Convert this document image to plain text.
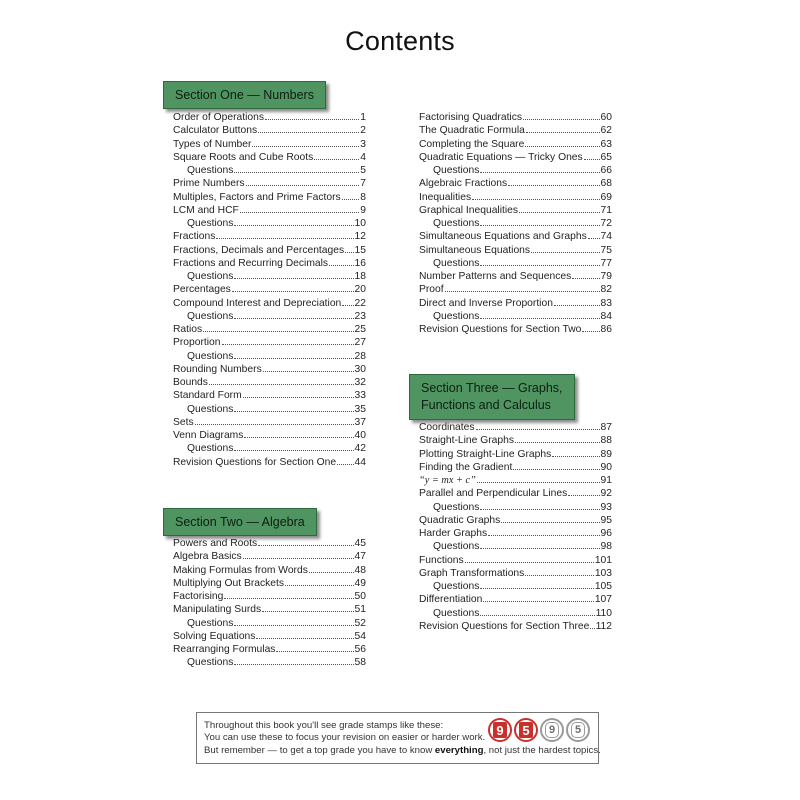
Contents
Section One — Numbers
Order of Operations	1
Calculator Buttons	2
Types of Number	3
Square Roots and Cube Roots	4
Questions	5
Prime Numbers	7
Multiples, Factors and Prime Factors 8
LCM and HCF	9
Questions	10
Fractions	12
Fractions, Decimals and Percentages 15
Fractions and Recurring Decimals	16
Questions	18
Percentages	20
Compound Interest and Depreciation 22
Questions	23
Ratios	25
Proportion	27
Questions	28
Rounding Numbers	30
Bounds	32
Standard Form	33
Questions	35
Sets	37
Venn Diagrams	40
Questions	42
Revision Questions for Section One 44
Section Two — Algebra
Powers and Roots	45
Algebra Basics	47
Making Formulas from Words	48
Multiplying Out Brackets	49
Factorising	50
Manipulating Surds	51
Questions	52
Solving Equations	54
Rearranging Formulas	56
Questions	58
Factorising Quadratics	60
The Quadratic Formula	62
Completing the Square	63
Quadratic Equations — Tricky Ones 65
Questions	66
Algebraic Fractions	68
Inequalities	69
Graphical Inequalities	71
Questions	72
Simultaneous Equations and Graphs 74
Simultaneous Equations	75
Questions	77
Number Patterns and Sequences	79
Proof	82
Direct and Inverse Proportion	83
Questions	84
Revision Questions for Section Two 86
Section Three — Graphs,
Functions and Calculus
Coordinates	87
Straight-Line Graphs	88
Plotting Straight-Line Graphs	89
Finding the Gradient	90
“y = mx + c”	91
Parallel and Perpendicular Lines	92
Questions	93
Quadratic Graphs	95
Harder Graphs	96
Questions	98
Functions	101
Graph Transformations	103
Questions	105
Differentiation	107
Questions	110
Revision Questions for Section Three 112
Throughout this book you'll see grade stamps like these:
You can use these to focus your revision on easier or harder work.
But remember — to get a top grade you have to know everything, not just the hardest topics.
9 5	9	5
